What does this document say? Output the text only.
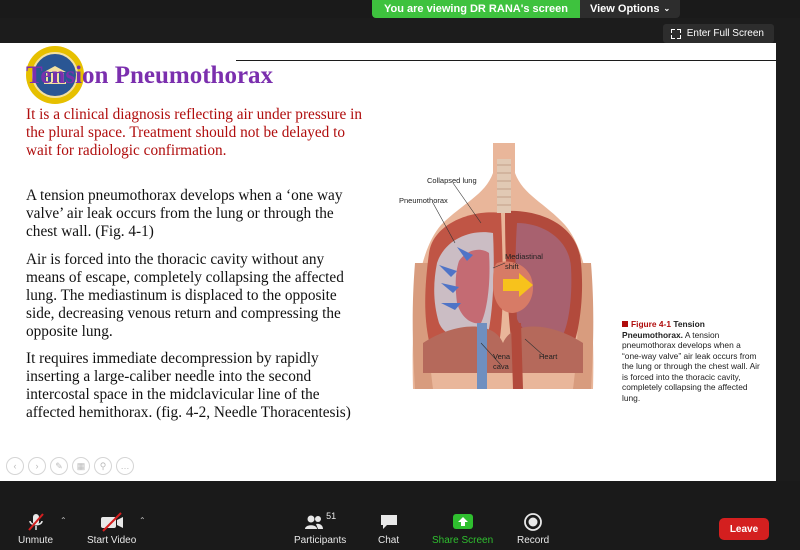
You are viewing DR RANA's screen	View Options ⌄
Enter Full Screen
Tension Pneumothorax
It is a clinical diagnosis reflecting air under pressure in the plural space. Treatment should not be delayed to wait for radiologic confirmation.
A tension pneumothorax develops when a ‘one way valve’ air leak occurs from the lung or through the chest wall. (Fig. 4-1)
Air is forced into the thoracic cavity without any means of escape, completely collapsing the affected lung. The mediastinum is displaced to the opposite side, decreasing venous return and compressing the opposite lung.
It requires immediate decompression by rapidly inserting a large-caliber needle into the second intercostal space in the midclavicular line of the affected hemithorax. (fig. 4-2, Needle Thoracentesis)
Collapsed lung
Pneumothorax
Mediastinal
shift
Vena
cava
Heart
Figure 4-1 Tension Pneumothorax. A tension pneumothorax develops when a “one-way valve” air leak occurs from the lung or through the chest wall. Air is forced into the thoracic cavity, completely collapsing the affected lung.
‹	›	✎	▦	⚲	…
Unmute
⌃
Start Video
⌃	51
Participants	Chat	Share Screen Record
Leave
